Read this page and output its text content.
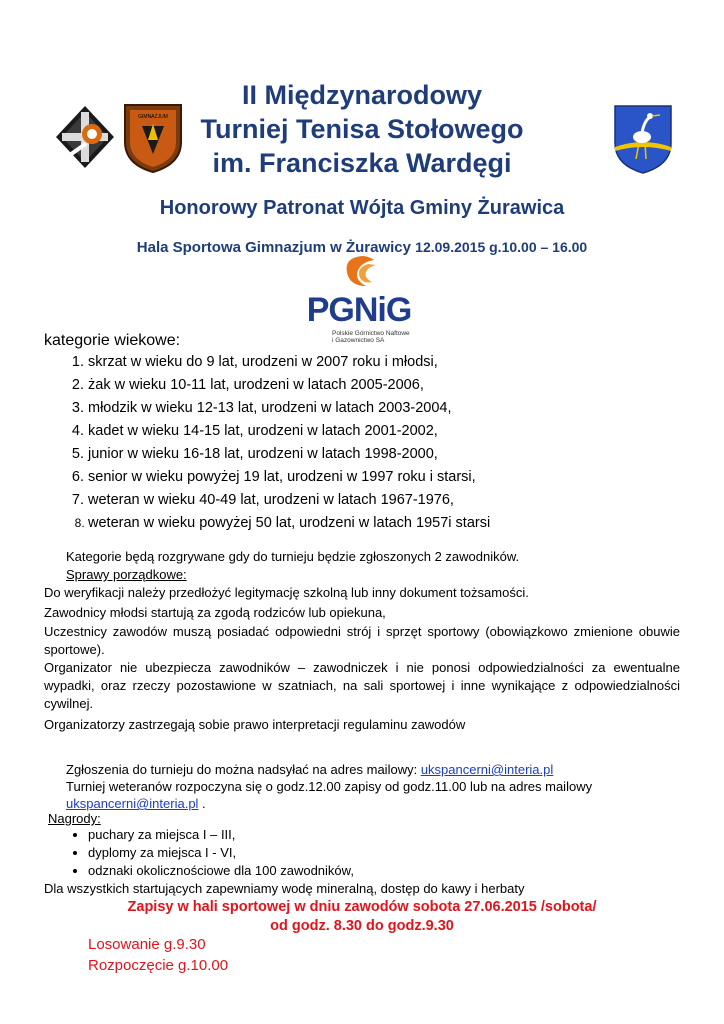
GIMNAZJUM
II Międzynarodowy
Turniej Tenisa Stołowego
im. Franciszka Wardęgi
Honorowy Patronat Wójta Gminy Żurawica
Hala Sportowa Gimnazjum w Żurawicy 12.09.2015 g.10.00 – 16.00
PGNiG
Polskie Górnictwo Naftowe
i Gazownictwo SA
kategorie wiekowe:
1. skrzat w wieku do 9 lat, urodzeni w 2007 roku i młodsi,
2. żak w wieku 10-11 lat, urodzeni w latach 2005-2006,
3. młodzik w wieku 12-13 lat, urodzeni w latach 2003-2004,
4. kadet w wieku 14-15 lat, urodzeni w latach 2001-2002,
5. junior w wieku 16-18 lat, urodzeni w latach 1998-2000,
6. senior w wieku powyżej 19 lat, urodzeni w 1997 roku i starsi,
7. weteran w wieku 40-49 lat, urodzeni w latach 1967-1976,
8. weteran w wieku powyżej 50 lat, urodzeni w latach 1957i starsi
Kategorie będą rozgrywane gdy do turnieju będzie zgłoszonych 2 zawodników.
Sprawy porządkowe:
Do weryfikacji należy przedłożyć legitymację szkolną lub inny dokument tożsamości.
Zawodnicy młodsi startują za zgodą rodziców lub opiekuna,
Uczestnicy zawodów muszą posiadać odpowiedni strój i sprzęt sportowy (obowiązkowo zmienione obuwie sportowe).
Organizator nie ubezpiecza zawodników – zawodniczek i nie ponosi odpowiedzialności za ewentualne wypadki, oraz rzeczy pozostawione w szatniach, na sali sportowej i inne wynikające z odpowiedzialności cywilnej.
Organizatorzy zastrzegają sobie prawo interpretacji regulaminu zawodów
Zgłoszenia do turnieju do można nadsyłać na adres mailowy: ukspancerni@interia.pl
Turniej weteranów rozpoczyna się o godz.12.00 zapisy od godz.11.00 lub na adres mailowy
ukspancerni@interia.pl .
Nagrody:
• puchary za miejsca I – III,
• dyplomy za miejsca I - VI,
• odznaki okolicznościowe dla 100 zawodników,
Dla wszystkich startujących zapewniamy wodę mineralną, dostęp do kawy i herbaty
Zapisy w hali sportowej w dniu zawodów sobota 27.06.2015 /sobota/
od godz. 8.30 do godz.9.30
Losowanie g.9.30
Rozpoczęcie g.10.00
